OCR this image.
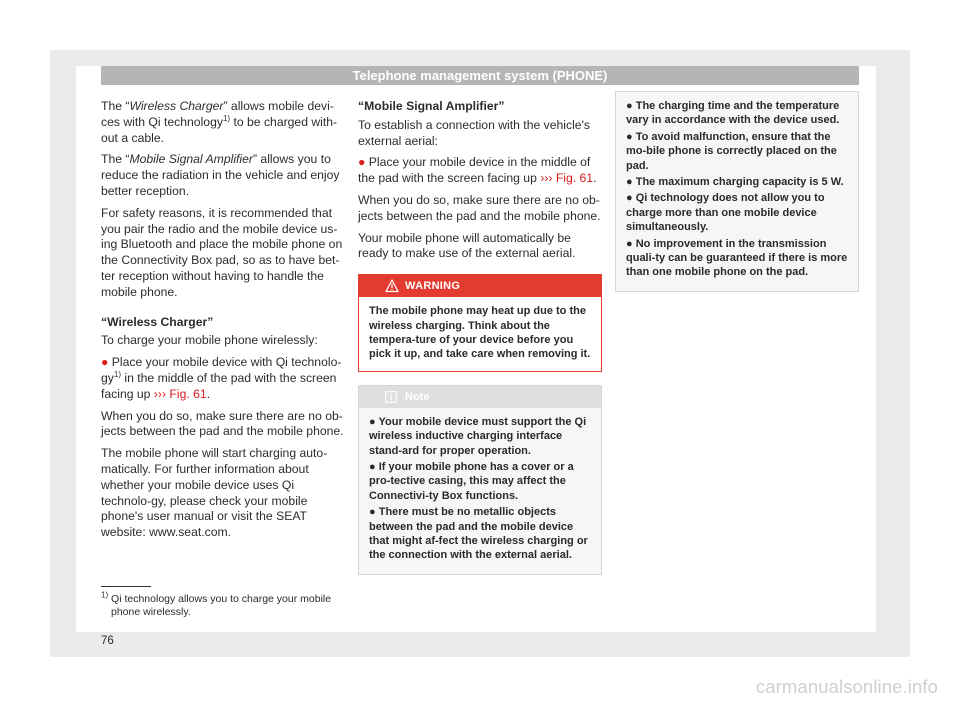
Telephone management system (PHONE)

The “Wireless Charger” allows mobile devi-ces with Qi technology$^{1)}$ to be charged with-out a cable.

The “Mobile Signal Amplifier” allows you to reduce the radiation in the vehicle and enjoy better reception.

For safety reasons, it is recommended that you pair the radio and the mobile device us-ing Bluetooth and place the mobile phone on the Connectivity Box pad, so as to have bet-ter reception without having to handle the mobile phone.

“Wireless Charger”

To charge your mobile phone wirelessly:

● Place your mobile device with Qi technolo-$gy^{1)}$ in the middle of the pad with the screen facing up ››› Fig. 61.

When you do so, make sure there are no ob-jects between the pad and the mobile phone.

The mobile phone will start charging auto-matically. For further information about whether your mobile device uses Qi technolo-gy, please check your mobile phone's user manual or visit the SEAT website: www.seat.com.

“Mobile Signal Amplifier”

To establish a connection with the vehicle's external aerial:

● Place your mobile device in the middle of the pad with the screen facing up ››› Fig. 61.

When you do so, make sure there are no ob-jects between the pad and the mobile phone.

Your mobile phone will automatically be ready to make use of the external aerial.

WARNING
The mobile phone may heat up due to the wireless charging. Think about the tempera-ture of your device before you pick it up, and take care when removing it.
Note

● Your mobile device must support the Qi wireless inductive charging interface stand-ard for proper operation.

● If your mobile phone has a cover or a pro-tective casing, this may affect the Connectivi-ty Box functions.

● There must be no metallic objects between the pad and the mobile device that might af-fect the wireless charging or the connection with the external aerial.

● The charging time and the temperature vary in accordance with the device used.

● To avoid malfunction, ensure that the mo-bile phone is correctly placed on the pad.

● The maximum charging capacity is 5 W.

● Qi technology does not allow you to charge more than one mobile device simultaneously.

● No improvement in the transmission quali-ty can be guaranteed if there is more than one mobile phone on the pad.

$^{1)}$ Qi technology allows you to charge your mobile phone wirelessly.
76
carmanualsonline.info
